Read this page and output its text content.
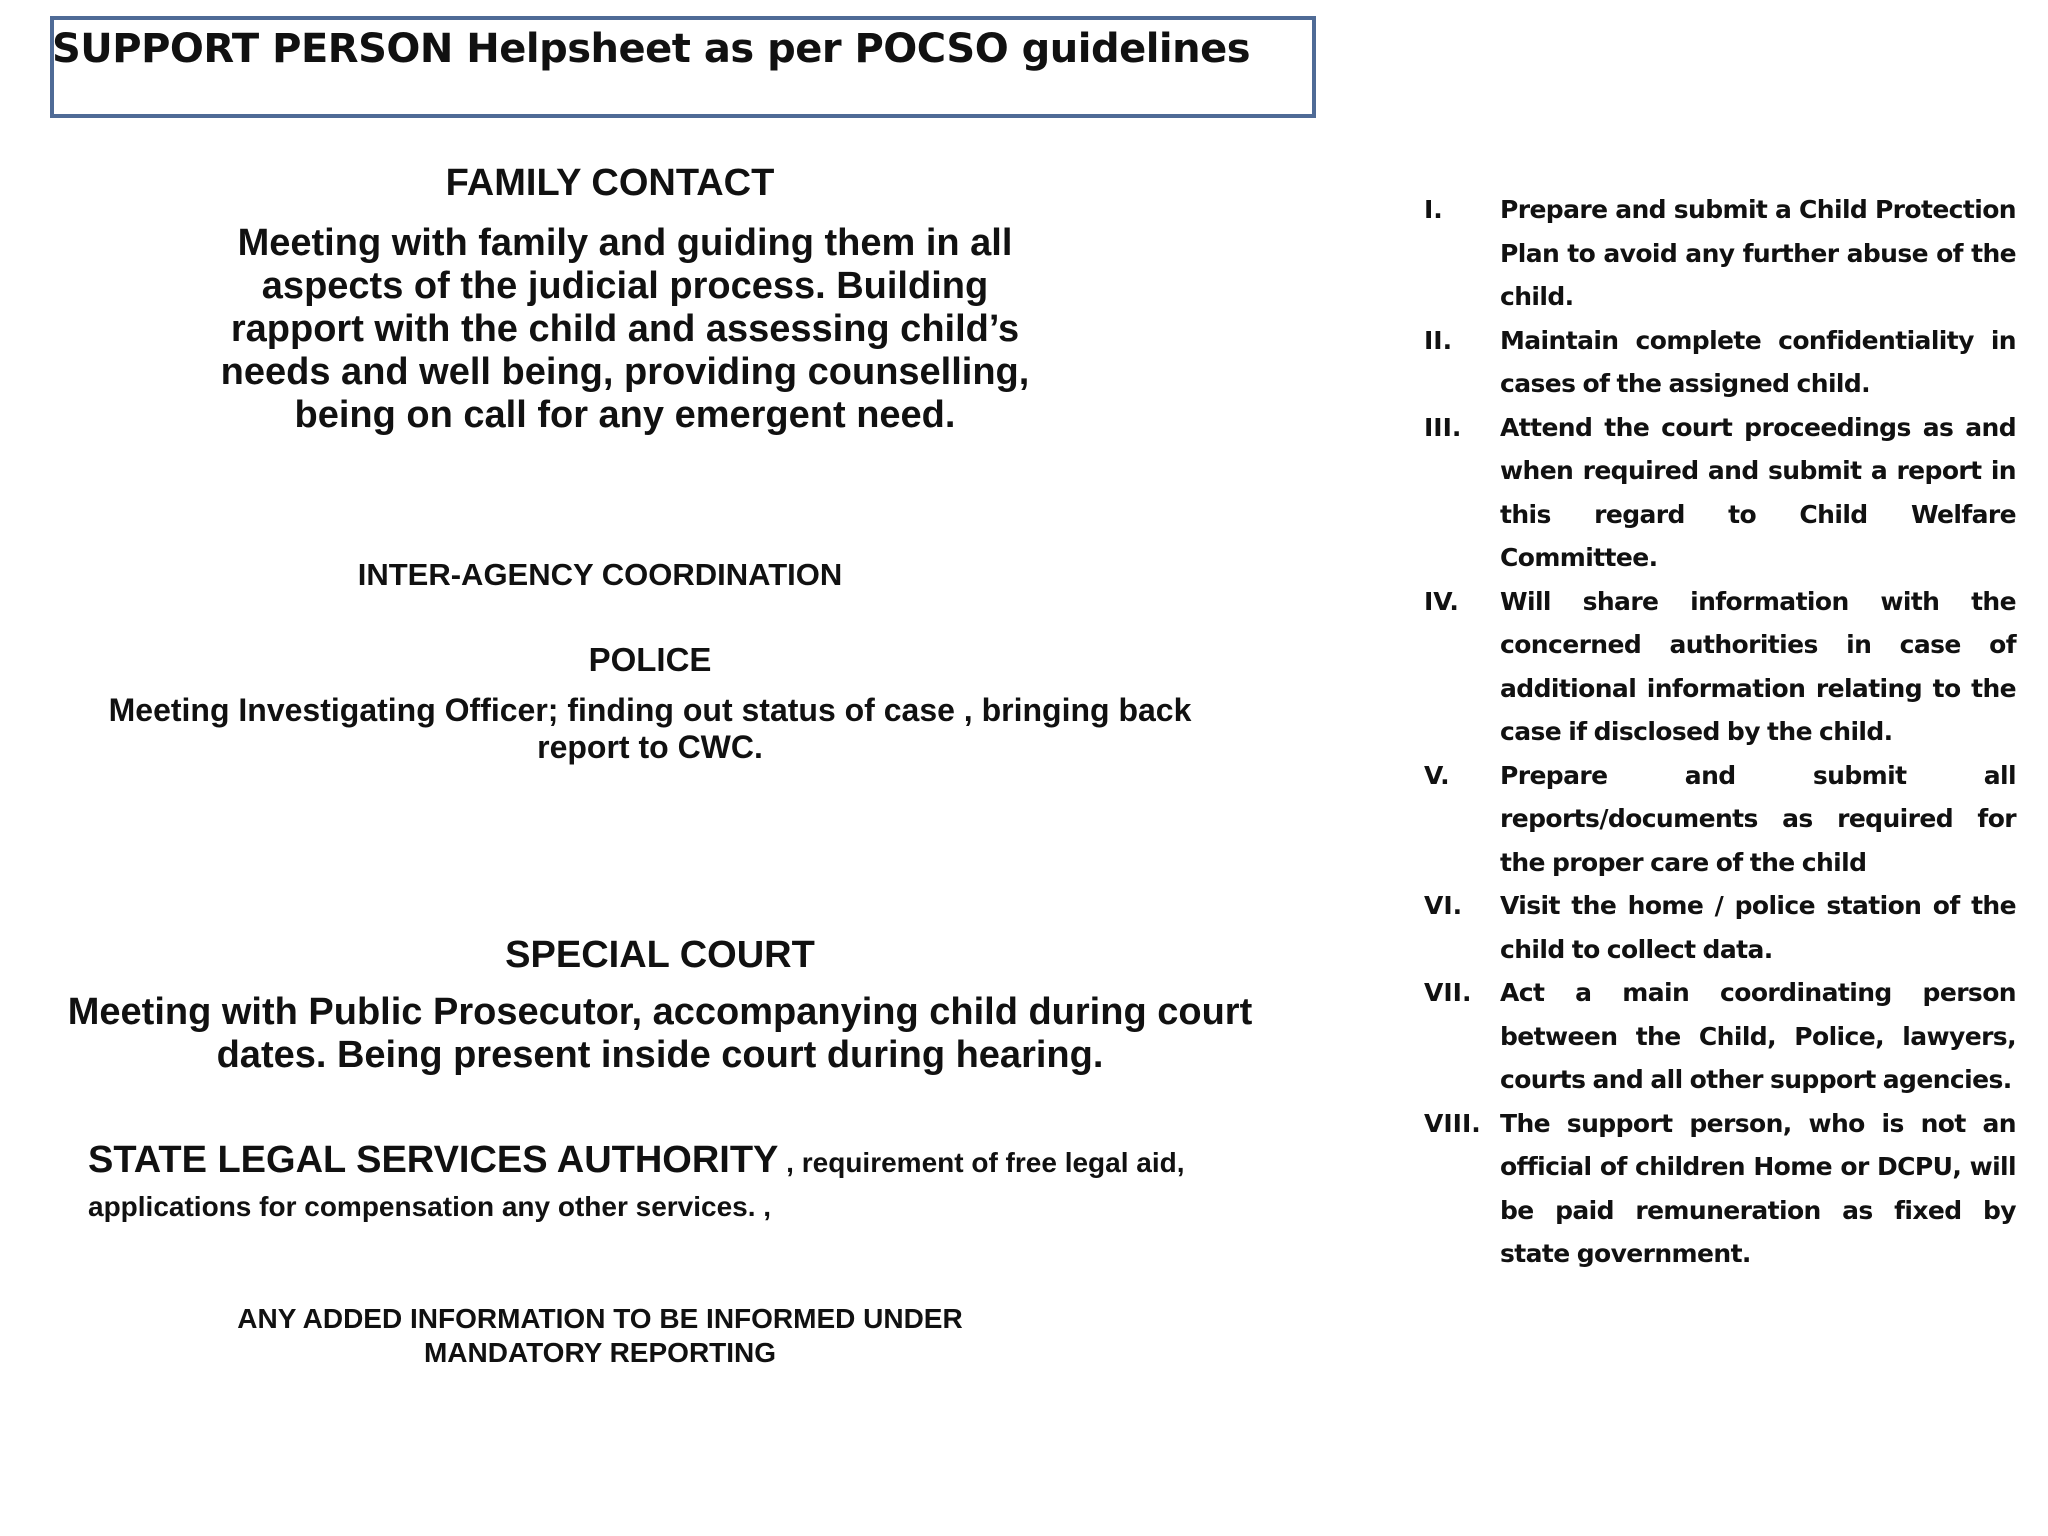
SUPPORT PERSON Helpsheet as per POCSO guidelines
FAMILY CONTACT
Meeting with family and guiding them in all aspects of the judicial process. Building rapport with the child and assessing child’s needs and well being, providing counselling, being on call for any emergent need.
INTER-AGENCY COORDINATION
POLICE
Meeting Investigating Officer; finding out status of case , bringing back report to CWC.
SPECIAL COURT
Meeting with Public Prosecutor, accompanying child during court dates. Being present inside court during hearing.

STATE LEGAL SERVICES AUTHORITY , requirement of free legal aid, applications for compensation any other services. ,

ANY ADDED INFORMATION TO BE INFORMED UNDER MANDATORY REPORTING
I.	Prepare and submit a Child Protection Plan to avoid any further abuse of the child.
II.	Maintain complete confidentiality in cases of the assigned child.
III.	Attend the court proceedings as and when required and submit a report in this regard to Child Welfare Committee.
IV.	Will share information with the concerned authorities in case of additional information relating to the case if disclosed by the child.
V.	Prepare and submit all reports/documents as required for the proper care of the child
VI.	Visit the home / police station of the child to collect data.
VII.	Act a main coordinating person between the Child, Police, lawyers, courts and all other support agencies.
VIII. The support person, who is not an official of children Home or DCPU, will be paid remuneration as fixed by state government.
